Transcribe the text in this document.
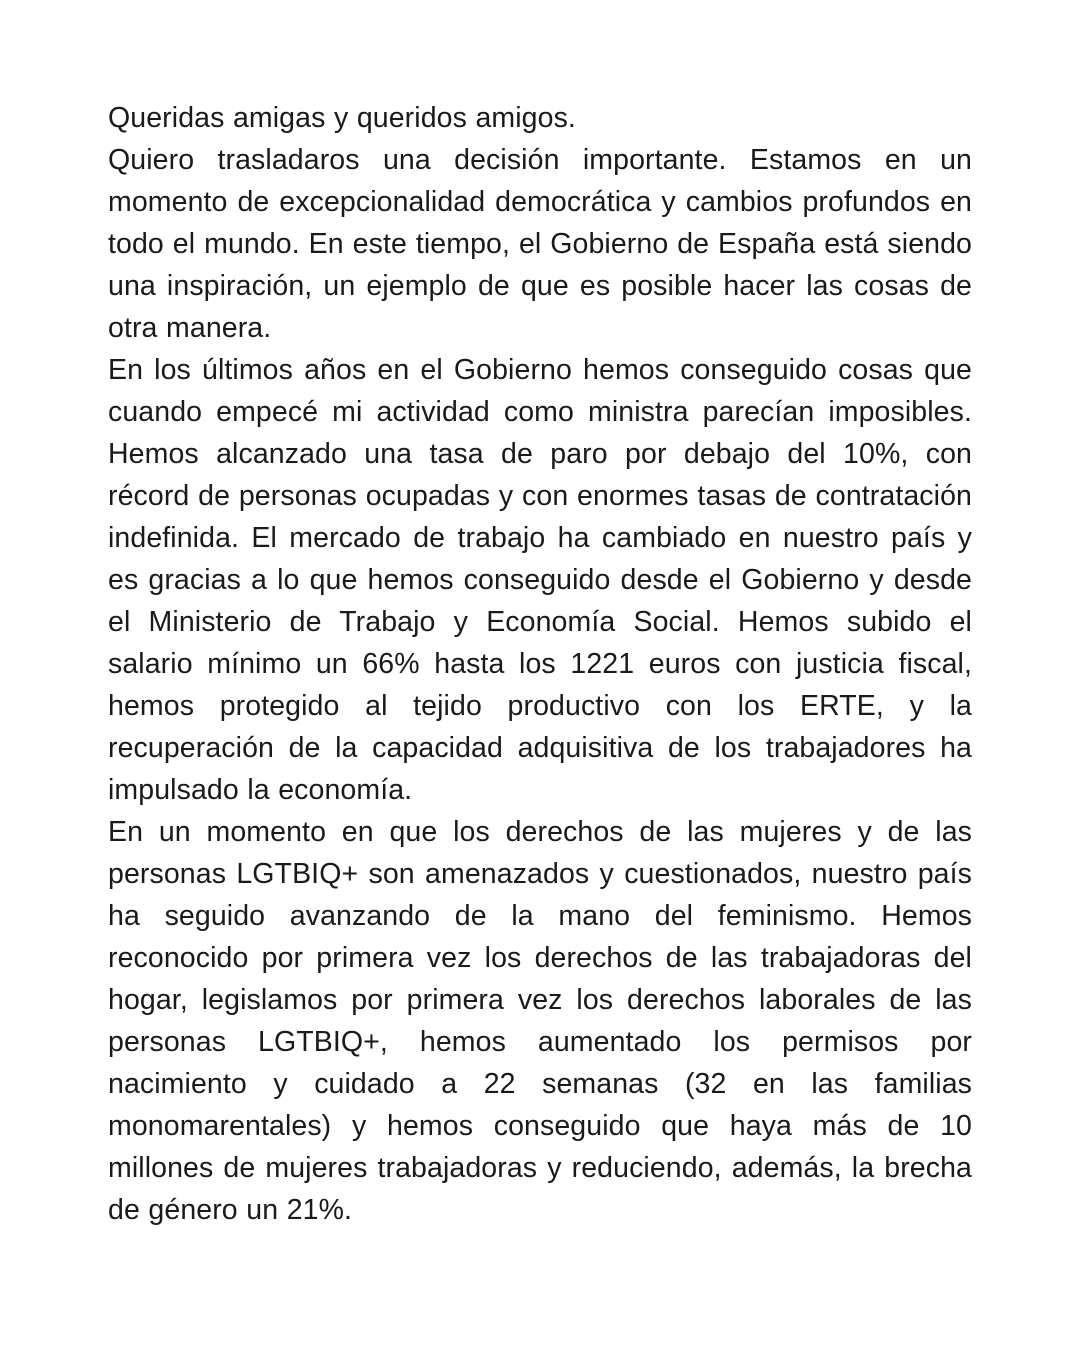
Queridas amigas y queridos amigos.

Quiero trasladaros una decisión importante. Estamos en un momento de excepcionalidad democrática y cambios profundos en todo el mundo. En este tiempo, el Gobierno de España está siendo una inspiración, un ejemplo de que es posible hacer las cosas de otra manera.

En los últimos años en el Gobierno hemos conseguido cosas que cuando empecé mi actividad como ministra parecían imposibles. Hemos alcanzado una tasa de paro por debajo del 10%, con récord de personas ocupadas y con enormes tasas de contratación indefinida. El mercado de trabajo ha cambiado en nuestro país y es gracias a lo que hemos conseguido desde el Gobierno y desde el Ministerio de Trabajo y Economía Social. Hemos subido el salario mínimo un 66% hasta los 1221 euros con justicia fiscal, hemos protegido al tejido productivo con los ERTE, y la recuperación de la capacidad adquisitiva de los trabajadores ha impulsado la economía.

En un momento en que los derechos de las mujeres y de las personas LGTBIQ+ son amenazados y cuestionados, nuestro país ha seguido avanzando de la mano del feminismo. Hemos reconocido por primera vez los derechos de las trabajadoras del hogar, legislamos por primera vez los derechos laborales de las personas LGTBIQ+, hemos aumentado los permisos por nacimiento y cuidado a 22 semanas (32 en las familias monomarentales) y hemos conseguido que haya más de 10 millones de mujeres trabajadoras y reduciendo, además, la brecha de género un 21%.
